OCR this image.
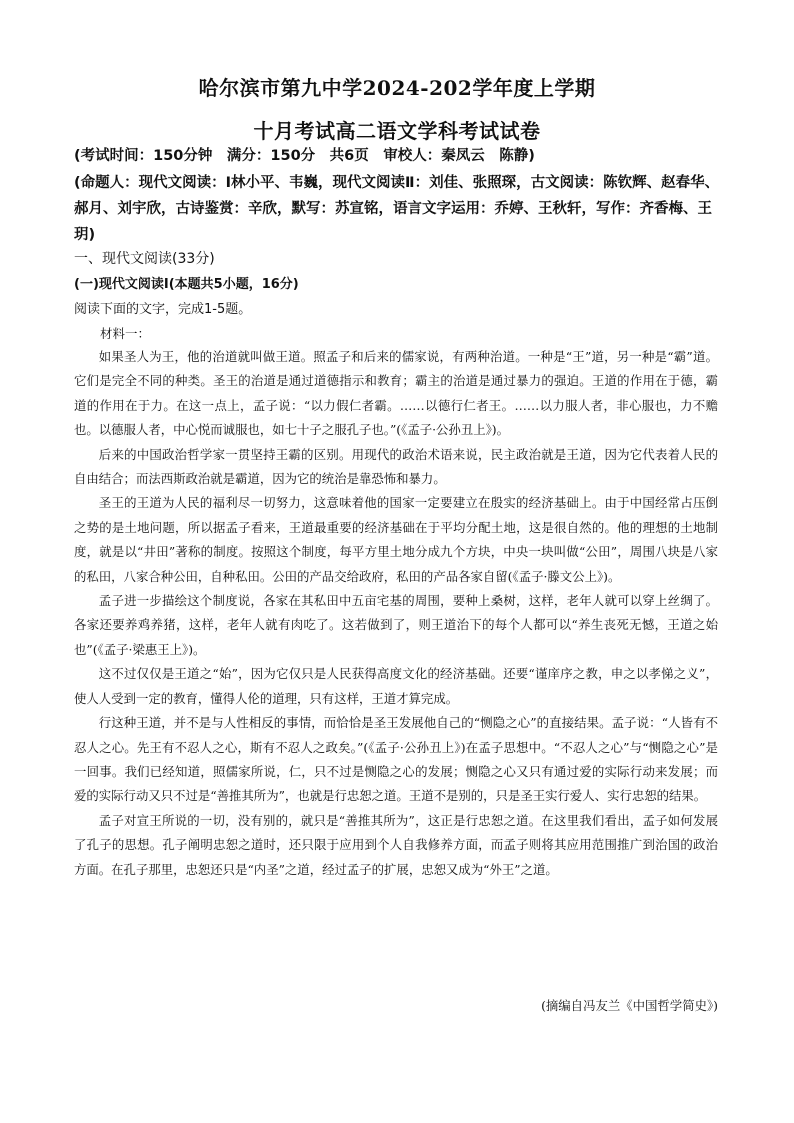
哈尔滨市第九中学2024-202学年度上学期
十月考试高二语文学科考试试卷
(考试时间：150分钟　满分：150分　共6页　审校人：秦凤云　陈静)
(命题人：现代文阅读：Ⅰ林小平、韦巍，现代文阅读Ⅱ：刘佳、张照琛，古文阅读：陈钦辉、赵春华、郝月、刘宇欣，古诗鉴赏：辛欣，默写：苏宣铭，语言文字运用：乔婷、王秋轩，写作：齐香梅、王玥)
一、现代文阅读(33分)
(一)现代文阅读Ⅰ(本题共5小题，16分)
阅读下面的文字，完成1-5题。
材料一：

如果圣人为王，他的治道就叫做王道。照孟子和后来的儒家说，有两种治道。一种是“王”道，另一种是“霸”道。它们是完全不同的种类。圣王的治道是通过道德指示和教育；霸主的治道是通过暴力的强迫。王道的作用在于德，霸道的作用在于力。在这一点上，孟子说：“以力假仁者霸。……以德行仁者王。……以力服人者，非心服也，力不赡也。以德服人者，中心悦而诚服也，如七十子之服孔子也。”(《孟子·公孙丑上》)。

后来的中国政治哲学家一贯坚持王霸的区别。用现代的政治术语来说，民主政治就是王道，因为它代表着人民的自由结合；而法西斯政治就是霸道，因为它的统治是靠恐怖和暴力。

圣王的王道为人民的福利尽一切努力，这意味着他的国家一定要建立在殷实的经济基础上。由于中国经常占压倒之势的是土地问题，所以据孟子看来，王道最重要的经济基础在于平均分配土地，这是很自然的。他的理想的土地制度，就是以“井田”著称的制度。按照这个制度，每平方里土地分成九个方块，中央一块叫做“公田”，周围八块是八家的私田，八家合种公田，自种私田。公田的产品交给政府，私田的产品各家自留(《孟子·滕文公上》)。

孟子进一步描绘这个制度说，各家在其私田中五亩宅基的周围，要种上桑树，这样，老年人就可以穿上丝绸了。各家还要养鸡养猪，这样，老年人就有肉吃了。这若做到了，则王道治下的每个人都可以“养生丧死无憾，王道之始也”(《孟子·梁惠王上》)。

这不过仅仅是王道之“始”，因为它仅只是人民获得高度文化的经济基础。还要“谨庠序之教，申之以孝悌之义”，使人人受到一定的教育，懂得人伦的道理，只有这样，王道才算完成。

行这种王道，并不是与人性相反的事情，而恰恰是圣王发展他自己的“恻隐之心”的直接结果。孟子说：“人皆有不忍人之心。先王有不忍人之心，斯有不忍人之政矣。”(《孟子·公孙丑上》)在孟子思想中。“不忍人之心”与“恻隐之心”是一回事。我们已经知道，照儒家所说，仁，只不过是恻隐之心的发展；恻隐之心又只有通过爱的实际行动来发展；而爱的实际行动又只不过是“善推其所为”，也就是行忠恕之道。王道不是别的，只是圣王实行爱人、实行忠恕的结果。

孟子对宣王所说的一切，没有别的，就只是“善推其所为”，这正是行忠恕之道。在这里我们看出，孟子如何发展了孔子的思想。孔子阐明忠恕之道时，还只限于应用到个人自我修养方面，而孟子则将其应用范围推广到治国的政治方面。在孔子那里，忠恕还只是“内圣”之道，经过孟子的扩展，忠恕又成为“外王”之道。

(摘编自冯友兰《中国哲学简史》)
